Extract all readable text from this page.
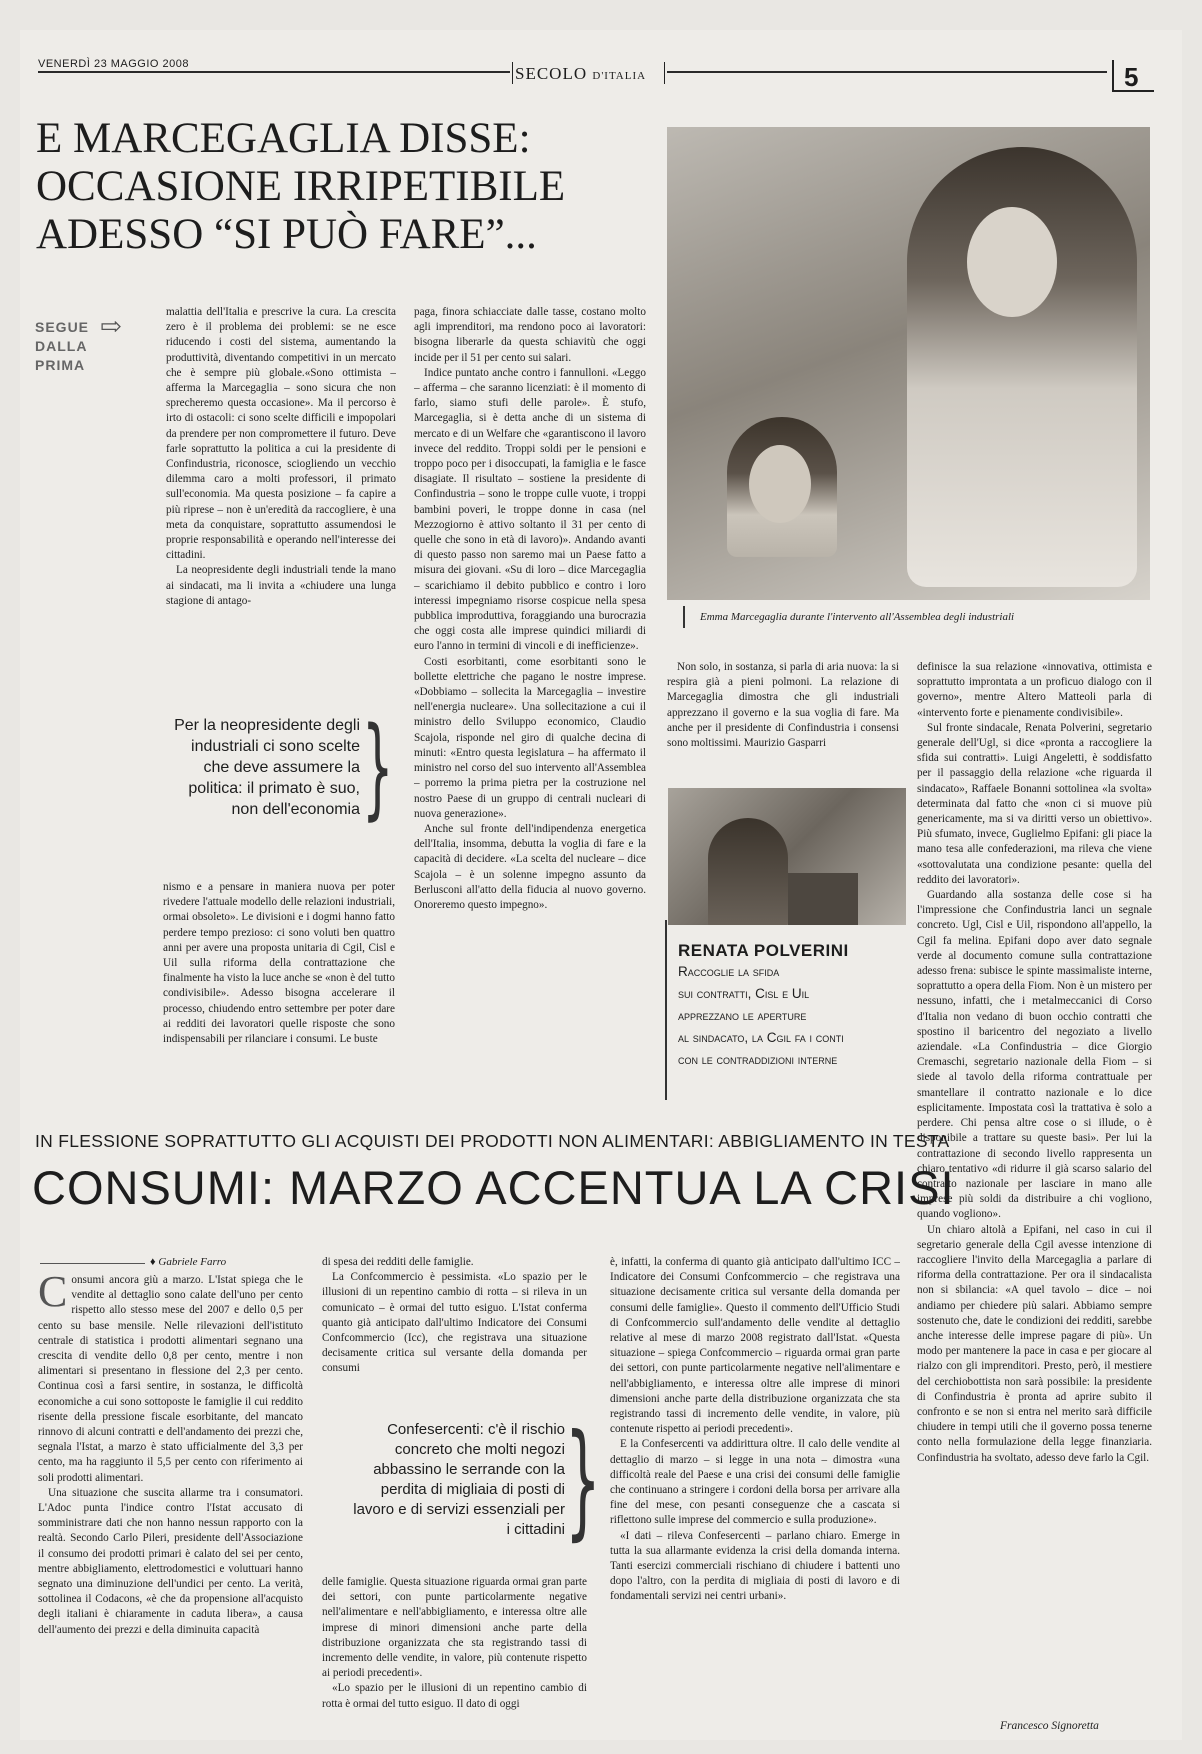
VENERDÌ 23 MAGGIO 2008	SECOLO D'ITALIA	5
E MARCEGAGLIA DISSE:
OCCASIONE IRRIPETIBILE
ADESSO “SI PUÒ FARE”...
Emma Marcegaglia durante l'intervento all'Assemblea degli industriali
SEGUE
DALLA
PRIMA
⇨	malattia dell'Italia e prescrive la cura. La crescita zero è il problema dei problemi: se ne esce riducendo i costi del sistema, aumentando la produttività, diventando competitivi in un mercato che è sempre più globale.«Sono ottimista – afferma la Marcegaglia – sono sicura che non sprecheremo questa occasione». Ma il percorso è irto di ostacoli: ci sono scelte difficili e impopolari da prendere per non compromettere il futuro. Deve farle soprattutto la politica a cui la presidente di Confindustria, riconosce, sciogliendo un vecchio dilemma caro a molti professori, il primato sull'economia. Ma questa posizione – fa capire a più riprese – non è un'eredità da raccogliere, è una meta da conquistare, soprattutto assumendosi le proprie responsabilità e operando nell'interesse dei cittadini.

La neopresidente degli industriali tende la mano ai sindacati, ma li invita a «chiudere una lunga stagione di antago-

Per la neopresidente degli industriali ci sono scelte che deve assumere la politica: il primato è suo, non dell'economia }

nismo e a pensare in maniera nuova per poter rivedere l'attuale modello delle relazioni industriali, ormai obsoleto». Le divisioni e i dogmi hanno fatto perdere tempo prezioso: ci sono voluti ben quattro anni per avere una proposta unitaria di Cgil, Cisl e Uil sulla riforma della contrattazione che finalmente ha visto la luce anche se «non è del tutto condivisibile». Adesso bisogna accelerare il processo, chiudendo entro settembre per poter dare ai redditi dei lavoratori quelle risposte che sono indispensabili per rilanciare i consumi. Le buste

paga, finora schiacciate dalle tasse, costano molto agli imprenditori, ma rendono poco ai lavoratori: bisogna liberarle da questa schiavitù che oggi incide per il 51 per cento sui salari.

Indice puntato anche contro i fannulloni. «Leggo – afferma – che saranno licenziati: è il momento di farlo, siamo stufi delle parole». È stufo, Marcegaglia, si è detta anche di un sistema di mercato e di un Welfare che «garantiscono il lavoro invece del reddito. Troppi soldi per le pensioni e troppo poco per i disoccupati, la famiglia e le fasce disagiate. Il risultato – sostiene la presidente di Confindustria – sono le troppe culle vuote, i troppi bambini poveri, le troppe donne in casa (nel Mezzogiorno è attivo soltanto il 31 per cento di quelle che sono in età di lavoro)». Andando avanti di questo passo non saremo mai un Paese fatto a misura dei giovani. «Su di loro – dice Marcegaglia – scarichiamo il debito pubblico e contro i loro interessi impegniamo risorse cospicue nella spesa pubblica improduttiva, foraggiando una burocrazia che oggi costa alle imprese quindici miliardi di euro l'anno in termini di vincoli e di inefficienze».

Costi esorbitanti, come esorbitanti sono le bollette elettriche che pagano le nostre imprese. «Dobbiamo – sollecita la Marcegaglia – investire nell'energia nucleare». Una sollecitazione a cui il ministro dello Sviluppo economico, Claudio Scajola, risponde nel giro di qualche decina di minuti: «Entro questa legislatura – ha affermato il ministro nel corso del suo intervento all'Assemblea – porremo la prima pietra per la costruzione nel nostro Paese di un gruppo di centrali nucleari di nuova generazione».

Anche sul fronte dell'indipendenza energetica dell'Italia, insomma, debutta la voglia di fare e la capacità di decidere. «La scelta del nucleare – dice Scajola – è un solenne impegno assunto da Berlusconi all'atto della fiducia al nuovo governo. Onoreremo questo impegno».

Non solo, in sostanza, si parla di aria nuova: la si respira già a pieni polmoni. La relazione di Marcegaglia dimostra che gli industriali apprezzano il governo e la sua voglia di fare. Ma anche per il presidente di Confindustria i consensi sono moltissimi. Maurizio Gasparri

RENATA POLVERINI
Raccoglie la sfida
sui contratti, Cisl e Uil
apprezzano le aperture
al sindacato, la Cgil fa i conti
con le contraddizioni interne

definisce la sua relazione «innovativa, ottimista e soprattutto improntata a un proficuo dialogo con il governo», mentre Altero Matteoli parla di «intervento forte e pienamente condivisibile».

Sul fronte sindacale, Renata Polverini, segretario generale dell'Ugl, si dice «pronta a raccogliere la sfida sui contratti». Luigi Angeletti, è soddisfatto per il passaggio della relazione «che riguarda il sindacato», Raffaele Bonanni sottolinea «la svolta» determinata dal fatto che «non ci si muove più genericamente, ma si va diritti verso un obiettivo». Più sfumato, invece, Guglielmo Epifani: gli piace la mano tesa alle confederazioni, ma rileva che viene «sottovalutata una condizione pesante: quella del reddito dei lavoratori».

Guardando alla sostanza delle cose si ha l'impressione che Confindustria lanci un segnale concreto. Ugl, Cisl e Uil, rispondono all'appello, la Cgil fa melina. Epifani dopo aver dato segnale verde al documento comune sulla contrattazione adesso frena: subisce le spinte massimaliste interne, soprattutto a opera della Fiom. Non è un mistero per nessuno, infatti, che i metalmeccanici di Corso d'Italia non vedano di buon occhio contratti che spostino il baricentro del negoziato a livello aziendale. «La Confindustria – dice Giorgio Cremaschi, segretario nazionale della Fiom – si siede al tavolo della riforma contrattuale per smantellare il contratto nazionale e lo dice esplicitamente. Impostata così la trattativa è solo a perdere. Chi pensa altre cose o si illude, o è disponibile a trattare su queste basi». Per lui la contrattazione di secondo livello rappresenta un chiaro tentativo «di ridurre il già scarso salario del contratto nazionale per lasciare in mano alle imprese più soldi da distribuire a chi vogliono, quando vogliono».

Un chiaro altolà a Epifani, nel caso in cui il segretario generale della Cgil avesse intenzione di raccogliere l'invito della Marcegaglia a parlare di riforma della contrattazione. Per ora il sindacalista non si sbilancia: «A quel tavolo – dice – noi andiamo per chiedere più salari. Abbiamo sempre sostenuto che, date le condizioni dei redditi, sarebbe anche interesse delle imprese pagare di più». Un modo per mantenere la pace in casa e per giocare al rialzo con gli imprenditori. Presto, però, il mestiere del cerchiobottista non sarà possibile: la presidente di Confindustria è pronta ad aprire subito il confronto e se non si entra nel merito sarà difficile chiudere in tempi utili che il governo possa tenerne conto nella formulazione della legge finanziaria. Confindustria ha svoltato, adesso deve farlo la Cgil.

Francesco Signoretta
IN FLESSIONE SOPRATTUTTO GLI ACQUISTI DEI PRODOTTI NON ALIMENTARI: ABBIGLIAMENTO IN TESTA
CONSUMI: MARZO ACCENTUA LA CRISI
♦ Gabriele Farro
C onsumi ancora giù a marzo. L'Istat spiega che le vendite al dettaglio sono calate dell'uno per cento rispetto allo stesso mese del 2007 e dello 0,5 per cento su base mensile. Nelle rilevazioni dell'istituto centrale di statistica i prodotti alimentari segnano una crescita di vendite dello 0,8 per cento, mentre i non alimentari si presentano in flessione del 2,3 per cento. Continua così a farsi sentire, in sostanza, le difficoltà economiche a cui sono sottoposte le famiglie il cui reddito risente della pressione fiscale esorbitante, del mancato rinnovo di alcuni contratti e dell'andamento dei prezzi che, segnala l'Istat, a marzo è stato ufficialmente del 3,3 per cento, ma ha raggiunto il 5,5 per cento con riferimento ai soli prodotti alimentari.

Una situazione che suscita allarme tra i consumatori. L'Adoc punta l'indice contro l'Istat accusato di somministrare dati che non hanno nessun rapporto con la realtà. Secondo Carlo Pileri, presidente dell'Associazione il consumo dei prodotti primari è calato del sei per cento, mentre abbigliamento, elettrodomestici e voluttuari hanno segnato una diminuzione dell'undici per cento. La verità, sottolinea il Codacons, «è che da propensione all'acquisto degli italiani è chiaramente in caduta libera», a causa dell'aumento dei prezzi e della diminuita capacità

di spesa dei redditi delle famiglie.

La Confcommercio è pessimista. «Lo spazio per le illusioni di un repentino cambio di rotta – si rileva in un comunicato – è ormai del tutto esiguo. L'Istat conferma quanto già anticipato dall'ultimo Indicatore dei Consumi Confcommercio (Icc), che registrava una situazione decisamente critica sul versante della domanda per consumi

Confesercenti: c'è il rischio concreto che molti negozi abbassino le serrande con la perdita di migliaia di posti di lavoro e di servizi essenziali per i cittadini }

delle famiglie. Questa situazione riguarda ormai gran parte dei settori, con punte particolarmente negative nell'alimentare e nell'abbigliamento, e interessa oltre alle imprese di minori dimensioni anche parte della distribuzione organizzata che sta registrando tassi di incremento delle vendite, in valore, più contenute rispetto ai periodi precedenti».

«Lo spazio per le illusioni di un repentino cambio di rotta è ormai del tutto esiguo. Il dato di oggi

è, infatti, la conferma di quanto già anticipato dall'ultimo ICC – Indicatore dei Consumi Confcommercio – che registrava una situazione decisamente critica sul versante della domanda per consumi delle famiglie». Questo il commento dell'Ufficio Studi di Confcommercio sull'andamento delle vendite al dettaglio relative al mese di marzo 2008 registrato dall'Istat. «Questa situazione – spiega Confcommercio – riguarda ormai gran parte dei settori, con punte particolarmente negative nell'alimentare e nell'abbigliamento, e interessa oltre alle imprese di minori dimensioni anche parte della distribuzione organizzata che sta registrando tassi di incremento delle vendite, in valore, più contenute rispetto ai periodi precedenti».

E la Confesercenti va addirittura oltre. Il calo delle vendite al dettaglio di marzo – si legge in una nota – dimostra «una difficoltà reale del Paese e una crisi dei consumi delle famiglie che continuano a stringere i cordoni della borsa per arrivare alla fine del mese, con pesanti conseguenze che a cascata si riflettono sulle imprese del commercio e sulla produzione».

«I dati – rileva Confesercenti – parlano chiaro. Emerge in tutta la sua allarmante evidenza la crisi della domanda interna. Tanti esercizi commerciali rischiano di chiudere i battenti uno dopo l'altro, con la perdita di migliaia di posti di lavoro e di fondamentali servizi nei centri urbani».
